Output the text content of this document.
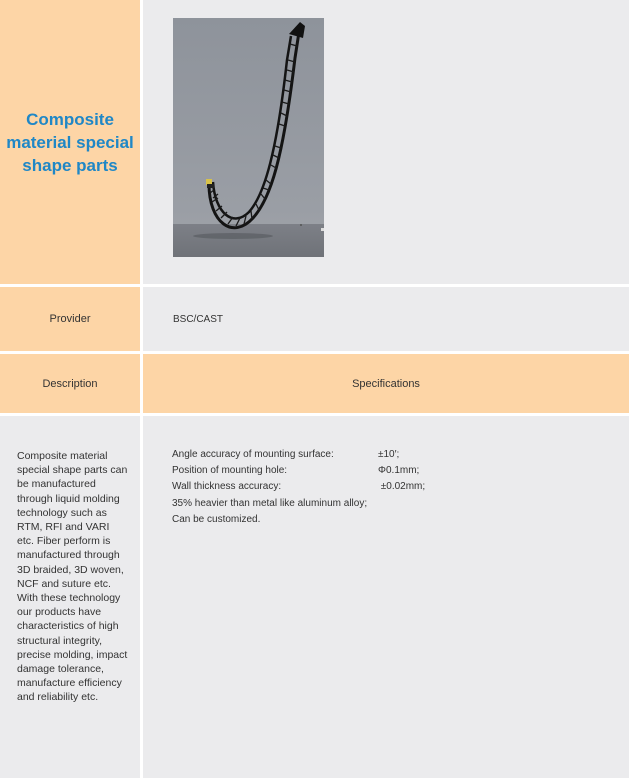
Composite material special shape parts
Provider	BSC/CAST
Description	Specifications

Composite material special shape parts can be manufactured through liquid molding technology such as RTM, RFI and VARI etc. Fiber perform is manufactured through 3D braided, 3D woven, NCF and suture etc. With these technology our products have characteristics of high structural integrity, precise molding, impact damage tolerance, manufacture efficiency and reliability etc.

Angle accuracy of mounting surface:	±10′;
Position of mounting hole:	Φ0.1mm;
Wall thickness accuracy:	±0.02mm;
35% heavier than metal like aluminum alloy;
Can be customized.
